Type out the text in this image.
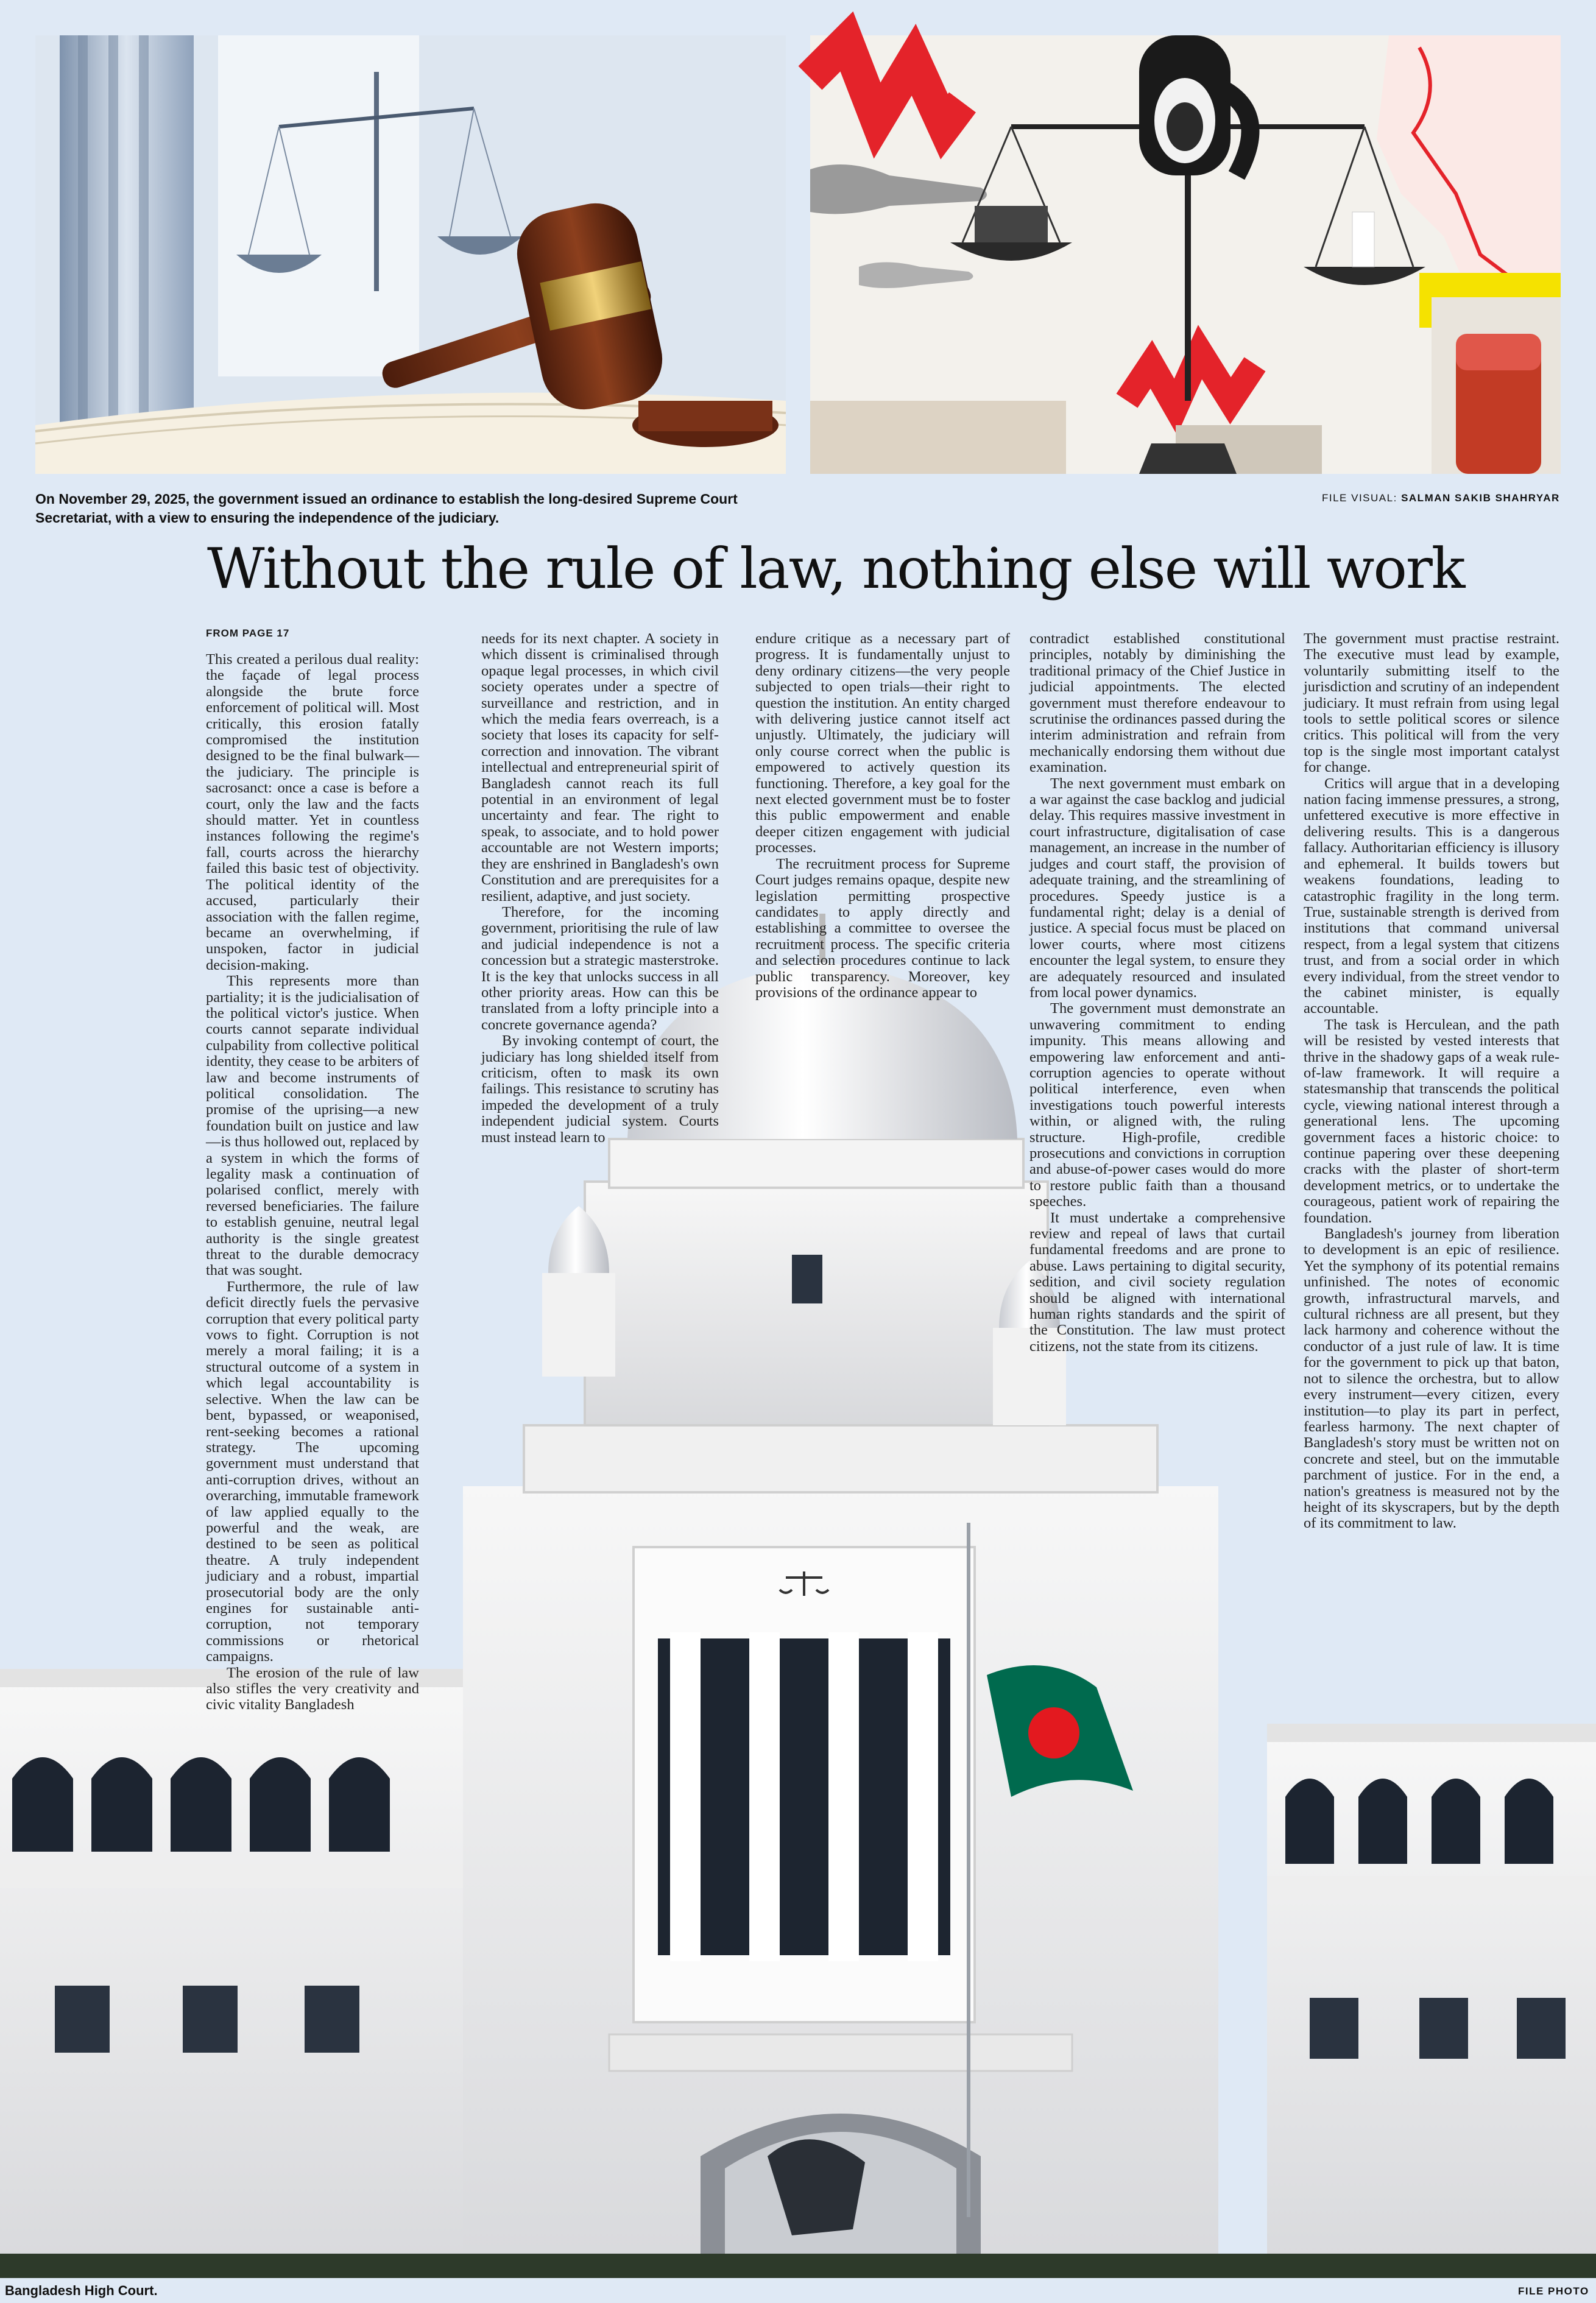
On November 29, 2025, the government issued an ordinance to establish the long-desired Supreme Court Secretariat, with a view to ensuring the independence of the judiciary.
FILE VISUAL: SALMAN SAKIB SHAHRYAR
Without the rule of law, nothing else will work
FROM PAGE 17

This created a perilous dual reality: the façade of legal process alongside the brute force enforcement of political will. Most critically, this erosion fatally compromised the institution designed to be the final bulwark—the judiciary. The principle is sacrosanct: once a case is before a court, only the law and the facts should matter. Yet in countless instances following the regime's fall, courts across the hierarchy failed this basic test of objectivity. The political identity of the accused, particularly their association with the fallen regime, became an overwhelming, if unspoken, factor in judicial decision-making.

This represents more than partiality; it is the judicialisation of the political victor's justice. When courts cannot separate individual culpability from collective political identity, they cease to be arbiters of law and become instruments of political consolidation. The promise of the uprising—a new foundation built on justice and law—is thus hollowed out, replaced by a system in which the forms of legality mask a continuation of polarised conflict, merely with reversed beneficiaries. The failure to establish genuine, neutral legal authority is the single greatest threat to the durable democracy that was sought.

Furthermore, the rule of law deficit directly fuels the pervasive corruption that every political party vows to fight. Corruption is not merely a moral failing; it is a structural outcome of a system in which legal accountability is selective. When the law can be bent, bypassed, or weaponised, rent-seeking becomes a rational strategy. The upcoming government must understand that anti-corruption drives, without an overarching, immutable framework of law applied equally to the powerful and the weak, are destined to be seen as political theatre. A truly independent judiciary and a robust, impartial prosecutorial body are the only engines for sustainable anti-corruption, not temporary commissions or rhetorical campaigns.

The erosion of the rule of law also stifles the very creativity and civic vitality Bangladesh

needs for its next chapter. A society in which dissent is criminalised through opaque legal processes, in which civil society operates under a spectre of surveillance and restriction, and in which the media fears overreach, is a society that loses its capacity for self-correction and innovation. The vibrant intellectual and entrepreneurial spirit of Bangladesh cannot reach its full potential in an environment of legal uncertainty and fear. The right to speak, to associate, and to hold power accountable are not Western imports; they are enshrined in Bangladesh's own Constitution and are prerequisites for a resilient, adaptive, and just society.

Therefore, for the incoming government, prioritising the rule of law and judicial independence is not a concession but a strategic masterstroke. It is the key that unlocks success in all other priority areas. How can this be translated from a lofty principle into a concrete governance agenda?

By invoking contempt of court, the judiciary has long shielded itself from criticism, often to mask its own failings. This resistance to scrutiny has impeded the development of a truly independent judicial system. Courts must instead learn to

endure critique as a necessary part of progress. It is fundamentally unjust to deny ordinary citizens—the very people subjected to open trials—their right to question the institution. An entity charged with delivering justice cannot itself act unjustly. Ultimately, the judiciary will only course correct when the public is empowered to actively question its functioning. Therefore, a key goal for the next elected government must be to foster this public empowerment and enable deeper citizen engagement with judicial processes.

The recruitment process for Supreme Court judges remains opaque, despite new legislation permitting prospective candidates to apply directly and establishing a committee to oversee the recruitment process. The specific criteria and selection procedures continue to lack public transparency. Moreover, key provisions of the ordinance appear to

contradict established constitutional principles, notably by diminishing the traditional primacy of the Chief Justice in judicial appointments. The elected government must therefore endeavour to scrutinise the ordinances passed during the interim administration and refrain from mechanically endorsing them without due examination.

The next government must embark on a war against the case backlog and judicial delay. This requires massive investment in court infrastructure, digitalisation of case management, an increase in the number of judges and court staff, the provision of adequate training, and the streamlining of procedures. Speedy justice is a fundamental right; delay is a denial of justice. A special focus must be placed on lower courts, where most citizens encounter the legal system, to ensure they are adequately resourced and insulated from local power dynamics.

The government must demonstrate an unwavering commitment to ending impunity. This means allowing and empowering law enforcement and anti-corruption agencies to operate without political interference, even when investigations touch powerful interests within, or aligned with, the ruling structure. High-profile, credible prosecutions and convictions in corruption and abuse-of-power cases would do more to restore public faith than a thousand speeches.

It must undertake a comprehensive review and repeal of laws that curtail fundamental freedoms and are prone to abuse. Laws pertaining to digital security, sedition, and civil society regulation should be aligned with international human rights standards and the spirit of the Constitution. The law must protect citizens, not the state from its citizens.

The government must practise restraint. The executive must lead by example, voluntarily submitting itself to the jurisdiction and scrutiny of an independent judiciary. It must refrain from using legal tools to settle political scores or silence critics. This political will from the very top is the single most important catalyst for change.

Critics will argue that in a developing nation facing immense pressures, a strong, unfettered executive is more effective in delivering results. This is a dangerous fallacy. Authoritarian efficiency is illusory and ephemeral. It builds towers but weakens foundations, leading to catastrophic fragility in the long term. True, sustainable strength is derived from institutions that command universal respect, from a legal system that citizens trust, and from a social order in which every individual, from the street vendor to the cabinet minister, is equally accountable.

The task is Herculean, and the path will be resisted by vested interests that thrive in the shadowy gaps of a weak rule-of-law framework. It will require a statesmanship that transcends the political cycle, viewing national interest through a generational lens. The upcoming government faces a historic choice: to continue papering over these deepening cracks with the plaster of short-term development metrics, or to undertake the courageous, patient work of repairing the foundation.

Bangladesh's journey from liberation to development is an epic of resilience. Yet the symphony of its potential remains unfinished. The notes of economic growth, infrastructural marvels, and cultural richness are all present, but they lack harmony and coherence without the conductor of a just rule of law. It is time for the government to pick up that baton, not to silence the orchestra, but to allow every instrument—every citizen, every institution—to play its part in perfect, fearless harmony. The next chapter of Bangladesh's story must be written not on concrete and steel, but on the immutable parchment of justice. For in the end, a nation's greatness is measured not by the height of its skyscrapers, but by the depth of its commitment to law.

Bangladesh High Court.	FILE PHOTO
